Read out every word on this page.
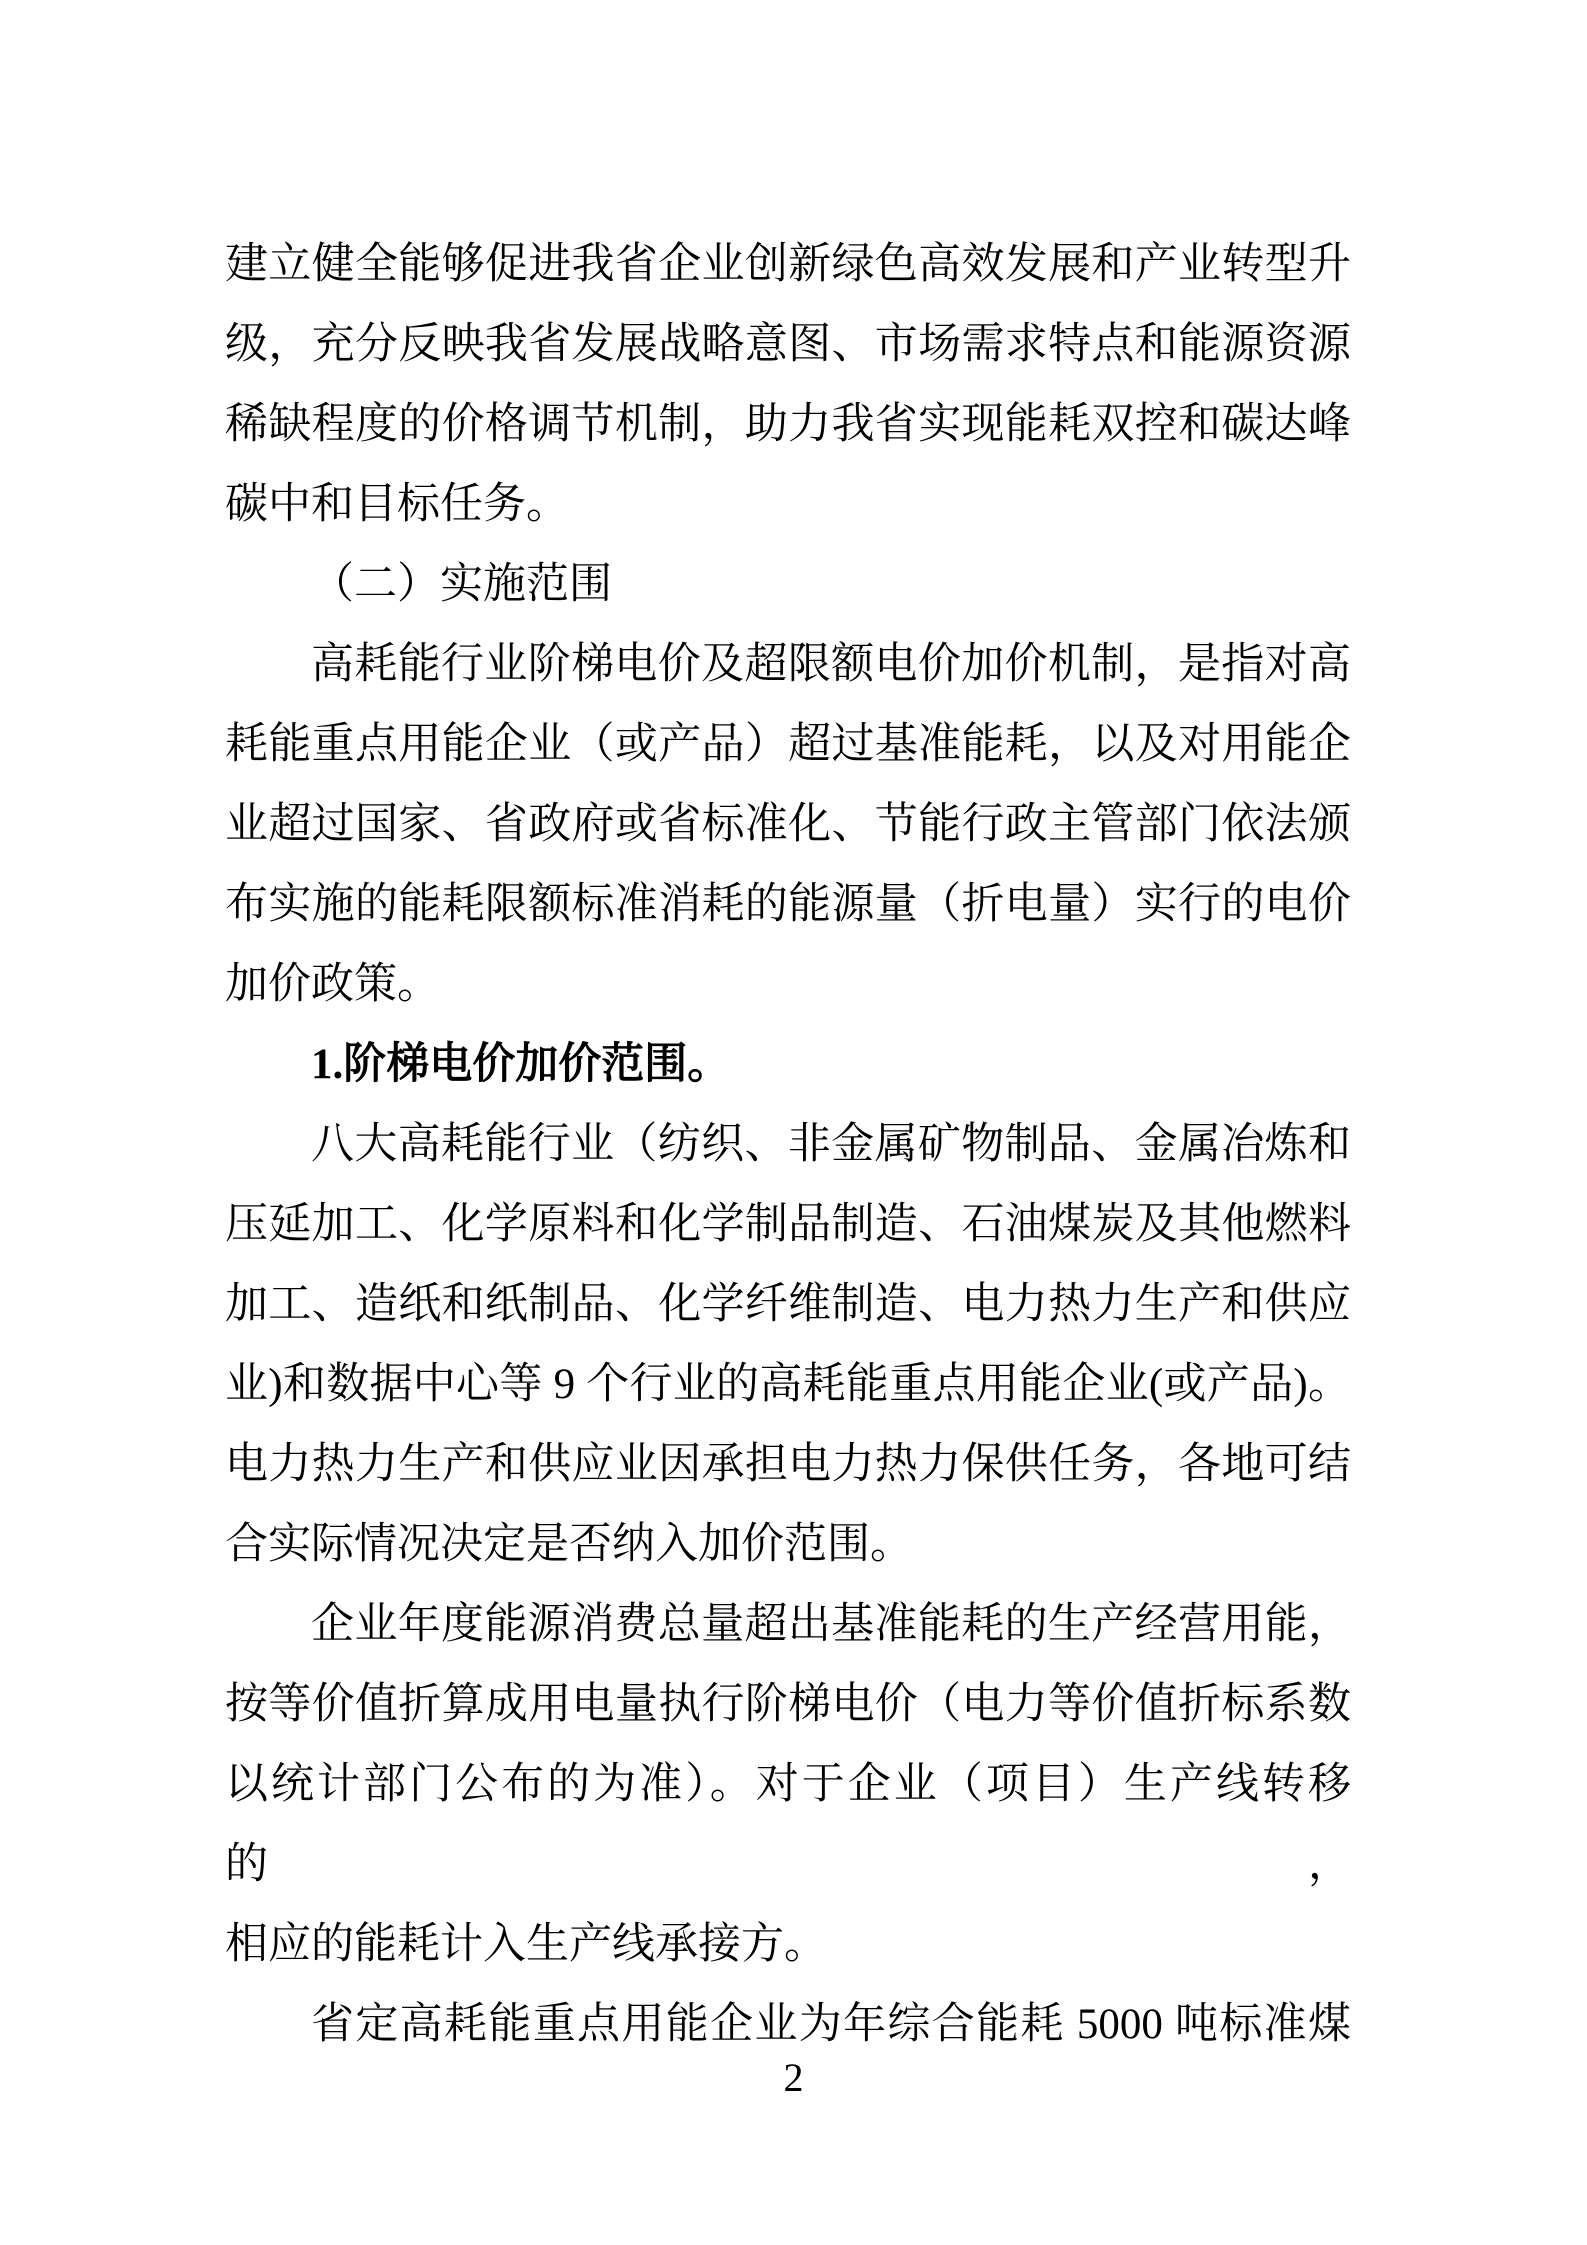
建立健全能够促进我省企业创新绿色高效发展和产业转型升
级，充分反映我省发展战略意图、市场需求特点和能源资源
稀缺程度的价格调节机制，助力我省实现能耗双控和碳达峰
碳中和目标任务。
（二）实施范围
高耗能行业阶梯电价及超限额电价加价机制，是指对高
耗能重点用能企业（或产品）超过基准能耗，以及对用能企
业超过国家、省政府或省标准化、节能行政主管部门依法颁
布实施的能耗限额标准消耗的能源量（折电量）实行的电价
加价政策。
1.阶梯电价加价范围。
八大高耗能行业（纺织、非金属矿物制品、金属冶炼和
压延加工、化学原料和化学制品制造、石油煤炭及其他燃料
加工、造纸和纸制品、化学纤维制造、电力热力生产和供应
业)和数据中心等 9 个行业的高耗能重点用能企业(或产品)。
电力热力生产和供应业因承担电力热力保供任务，各地可结
合实际情况决定是否纳入加价范围。
企业年度能源消费总量超出基准能耗的生产经营用能，
按等价值折算成用电量执行阶梯电价（电力等价值折标系数
以统计部门公布的为准）。对于企业（项目）生产线转移的，
相应的能耗计入生产线承接方。
省定高耗能重点用能企业为年综合能耗 5000 吨标准煤
2
